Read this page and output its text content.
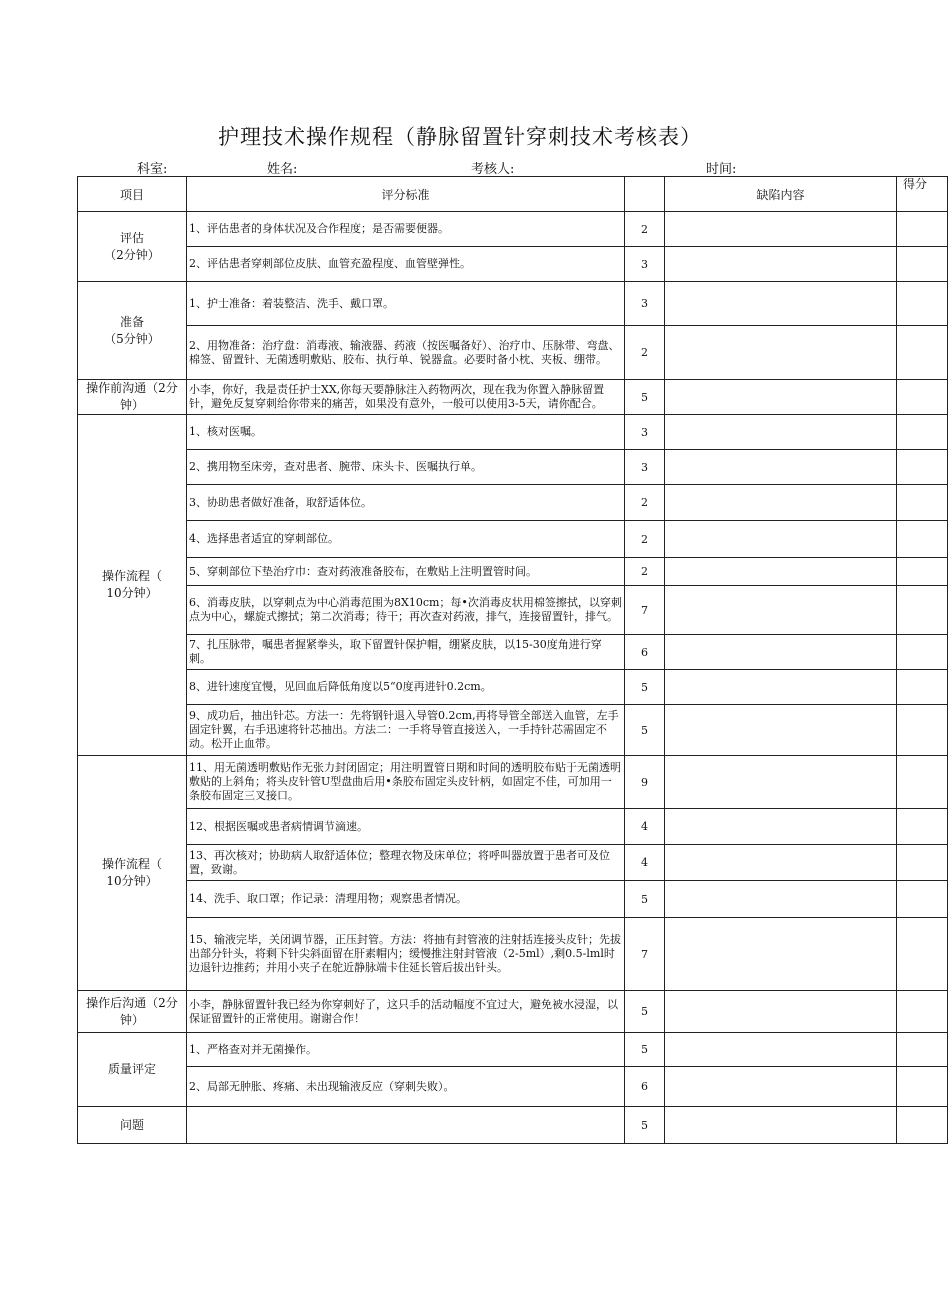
护理技术操作规程（静脉留置针穿刺技术考核表）
科室:	姓名:	考核人:	时间:
项目	评分标准		缺陷内容	得分
评估
（2分钟）	1、评估患者的身体状况及合作程度；是否需要便器。	2		
	2、评估患者穿刺部位皮肤、血管充盈程度、血管壁弹性。	3		
准备
（5分钟）	1、护士准备：着装整洁、洗手、戴口罩。	3		
	2、用物准备：治疗盘：消毒液、输液器、药液（按医嘱备好）、治疗巾、压脉带、弯盘、棉签、留置针、无菌透明敷贴、胶布、执行单、锐器盒。必要时备小枕、夹板、绷带。	2		
操作前沟通（2分钟）	小李，你好，我是责任护士XX,你每天要静脉注入药物两次，现在我为你置入静脉留置针，避免反复穿刺给你带来的痛苦，如果没有意外，一般可以使用3-5天，请你配合。	5		
操作流程（
10分钟）	1、核对医嘱。	3		
	2、携用物至床旁，查对患者、腕带、床头卡、医嘱执行单。	3		
	3、协助患者做好准备，取舒适体位。	2		
	4、选择患者适宜的穿刺部位。	2		
	5、穿刺部位下垫治疗巾：查对药液准备胶布，在敷贴上注明置管时间。	2		
	6、消毒皮肤，以穿刺点为中心消毒范围为8X10cm；每•次消毒皮状用棉签擦拭，以穿刺点为中心，螺旋式擦拭；第二次消毒；待干；再次查对药液，排气，连接留置针，排气。	7		
	7、扎压脉带，嘱患者握紧拳头，取下留置针保护帽，绷紧皮肤，以15-30度角进行穿刺。	6		
	8、进针速度宜慢，见回血后降低角度以5“0度再进针0.2cm。	5		
	9、成功后，抽出针芯。方法一：先将钢针退入导管0.2cm,再将导管全部送入血管，左手固定针翼，右手迅速将针芯抽出。方法二：一手将导管直接送入，一手持针芯需固定不动。松开止血带。	5		
操作流程（
10分钟）	11、用无菌透明敷贴作无张力封闭固定；用注明置管日期和时间的透明胶布贴于无菌透明敷贴的上斜角；将头皮针管U型盘曲后用•条胶布固定头皮针柄，如固定不佳，可加用一条胶布固定三叉接口。	9		
	12、根据医嘱或患者病情调节滴速。	4		
	13、再次核对；协助病人取舒适体位；整理衣物及床单位；将呼叫器放置于患者可及位置，致谢。	4		
	14、洗手、取口罩；作记录：清理用物；观察患者情况。	5		
	15、输液完毕，关闭调节器，正压封管。方法：将抽有封管液的注射括连接头皮针；先拔出部分针头，将剩下针尖斜面留在肝素帽内；缓慢推注射封管液（2-5ml）,剩0.5-lml时边退针边推药；并用小夹子在鸵近静脉端卡住延长管后拔出针头。	7		
操作后沟通（2分钟）	小李，静脉留置针我已经为你穿刺好了，这只手的活动幅度不宜过大，避免被水浸湿，以保证留置针的正常使用。谢谢合作！	5		
质量评定	1、严格查对并无菌操作。	5		
	2、局部无肿胀、疼痛、未出现输液反应（穿刺失败）。	6		
问题		5		
